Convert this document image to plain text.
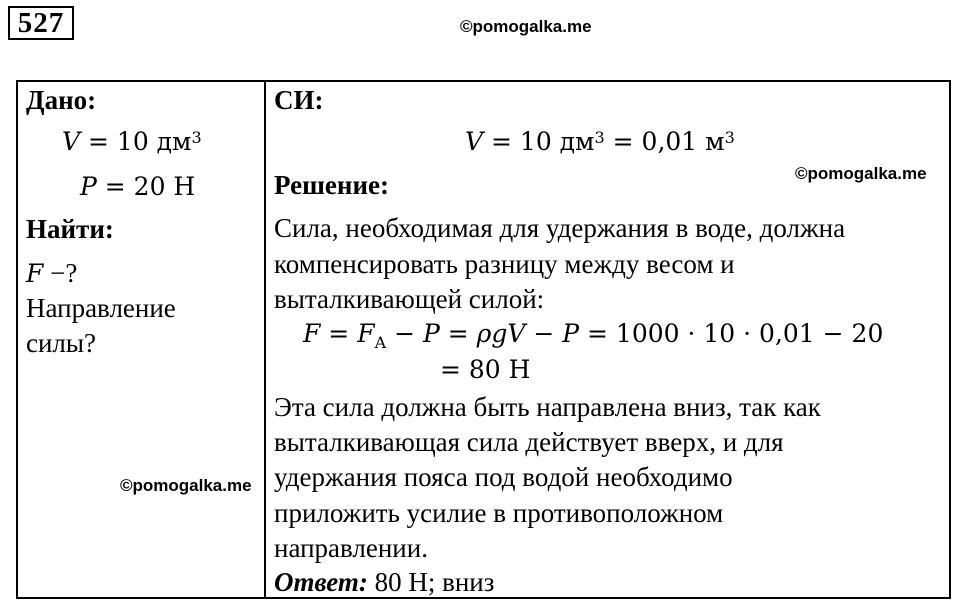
527	©pomogalka.me
Дано:
V = 10 $дм^3$
P = 20 Н
Найти:
F −?
Направление
силы?
СИ:
V = 10 $дм^3 = 0,01$ $м^3$
©pomogalka.me
Решение:
Сила, необходимая для удержания в воде, должна
компенсировать разницу между весом и
выталкивающей силой:
$F = F_A - P = \rho gV - P = 1000 \cdot 10 \cdot 0,01 - 20$
= 80 Н
Эта сила должна быть направлена вниз, так как
выталкивающая сила действует вверх, и для
удержания пояса под водой необходимо
приложить усилие в противоположном
направлении.
Ответ: 80 Н; вниз
©pomogalka.me
